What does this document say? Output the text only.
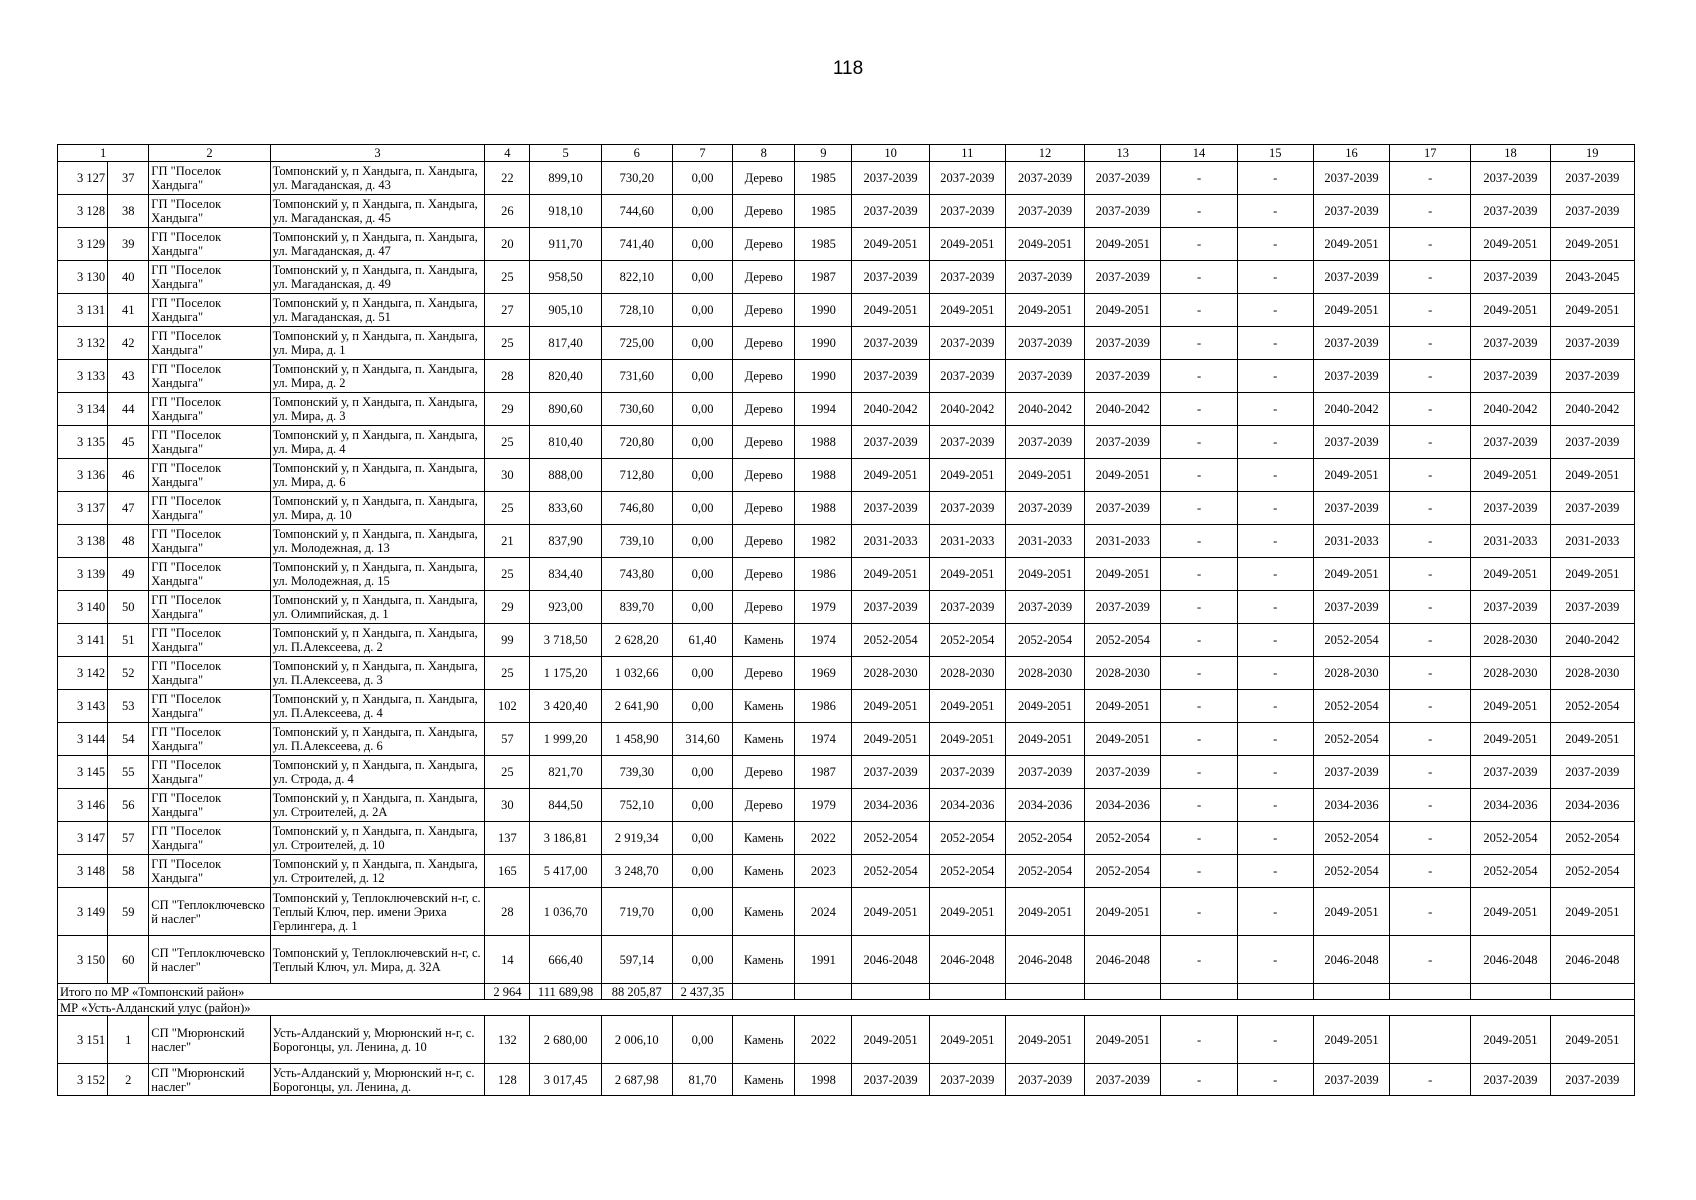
118
1		2	3	4	5	6	7	8	9	10	11	12	13	14	15	16	17	18	19
3 127	37	ГП "Поселок Хандыга"	Томпонский у, п Хандыга, п. Хандыга, ул. Магаданская, д. 43	22	899,10	730,20	0,00	Дерево	1985	2037-2039	2037-2039	2037-2039	2037-2039	-	-	2037-2039	-	2037-2039	2037-2039
3 128	38	ГП "Поселок Хандыга"	Томпонский у, п Хандыга, п. Хандыга, ул. Магаданская, д. 45	26	918,10	744,60	0,00	Дерево	1985	2037-2039	2037-2039	2037-2039	2037-2039	-	-	2037-2039	-	2037-2039	2037-2039
3 129	39	ГП "Поселок Хандыга"	Томпонский у, п Хандыга, п. Хандыга, ул. Магаданская, д. 47	20	911,70	741,40	0,00	Дерево	1985	2049-2051	2049-2051	2049-2051	2049-2051	-	-	2049-2051	-	2049-2051	2049-2051
3 130	40	ГП "Поселок Хандыга"	Томпонский у, п Хандыга, п. Хандыга, ул. Магаданская, д. 49	25	958,50	822,10	0,00	Дерево	1987	2037-2039	2037-2039	2037-2039	2037-2039	-	-	2037-2039	-	2037-2039	2043-2045
3 131	41	ГП "Поселок Хандыга"	Томпонский у, п Хандыга, п. Хандыга, ул. Магаданская, д. 51	27	905,10	728,10	0,00	Дерево	1990	2049-2051	2049-2051	2049-2051	2049-2051	-	-	2049-2051	-	2049-2051	2049-2051
3 132	42	ГП "Поселок Хандыга"	Томпонский у, п Хандыга, п. Хандыга, ул. Мира, д. 1	25	817,40	725,00	0,00	Дерево	1990	2037-2039	2037-2039	2037-2039	2037-2039	-	-	2037-2039	-	2037-2039	2037-2039
3 133	43	ГП "Поселок Хандыга"	Томпонский у, п Хандыга, п. Хандыга, ул. Мира, д. 2	28	820,40	731,60	0,00	Дерево	1990	2037-2039	2037-2039	2037-2039	2037-2039	-	-	2037-2039	-	2037-2039	2037-2039
3 134	44	ГП "Поселок Хандыга"	Томпонский у, п Хандыга, п. Хандыга, ул. Мира, д. 3	29	890,60	730,60	0,00	Дерево	1994	2040-2042	2040-2042	2040-2042	2040-2042	-	-	2040-2042	-	2040-2042	2040-2042
3 135	45	ГП "Поселок Хандыга"	Томпонский у, п Хандыга, п. Хандыга, ул. Мира, д. 4	25	810,40	720,80	0,00	Дерево	1988	2037-2039	2037-2039	2037-2039	2037-2039	-	-	2037-2039	-	2037-2039	2037-2039
3 136	46	ГП "Поселок Хандыга"	Томпонский у, п Хандыга, п. Хандыга, ул. Мира, д. 6	30	888,00	712,80	0,00	Дерево	1988	2049-2051	2049-2051	2049-2051	2049-2051	-	-	2049-2051	-	2049-2051	2049-2051
3 137	47	ГП "Поселок Хандыга"	Томпонский у, п Хандыга, п. Хандыга, ул. Мира, д. 10	25	833,60	746,80	0,00	Дерево	1988	2037-2039	2037-2039	2037-2039	2037-2039	-	-	2037-2039	-	2037-2039	2037-2039
3 138	48	ГП "Поселок Хандыга"	Томпонский у, п Хандыга, п. Хандыга, ул. Молодежная, д. 13	21	837,90	739,10	0,00	Дерево	1982	2031-2033	2031-2033	2031-2033	2031-2033	-	-	2031-2033	-	2031-2033	2031-2033
3 139	49	ГП "Поселок Хандыга"	Томпонский у, п Хандыга, п. Хандыга, ул. Молодежная, д. 15	25	834,40	743,80	0,00	Дерево	1986	2049-2051	2049-2051	2049-2051	2049-2051	-	-	2049-2051	-	2049-2051	2049-2051
3 140	50	ГП "Поселок Хандыга"	Томпонский у, п Хандыга, п. Хандыга, ул. Олимпийская, д. 1	29	923,00	839,70	0,00	Дерево	1979	2037-2039	2037-2039	2037-2039	2037-2039	-	-	2037-2039	-	2037-2039	2037-2039
3 141	51	ГП "Поселок Хандыга"	Томпонский у, п Хандыга, п. Хандыга, ул. П.Алексеева, д. 2	99	3 718,50	2 628,20	61,40	Камень	1974	2052-2054	2052-2054	2052-2054	2052-2054	-	-	2052-2054	-	2028-2030	2040-2042
3 142	52	ГП "Поселок Хандыга"	Томпонский у, п Хандыга, п. Хандыга, ул. П.Алексеева, д. 3	25	1 175,20	1 032,66	0,00	Дерево	1969	2028-2030	2028-2030	2028-2030	2028-2030	-	-	2028-2030	-	2028-2030	2028-2030
3 143	53	ГП "Поселок Хандыга"	Томпонский у, п Хандыга, п. Хандыга, ул. П.Алексеева, д. 4	102	3 420,40	2 641,90	0,00	Камень	1986	2049-2051	2049-2051	2049-2051	2049-2051	-	-	2052-2054	-	2049-2051	2052-2054
3 144	54	ГП "Поселок Хандыга"	Томпонский у, п Хандыга, п. Хандыга, ул. П.Алексеева, д. 6	57	1 999,20	1 458,90	314,60	Камень	1974	2049-2051	2049-2051	2049-2051	2049-2051	-	-	2052-2054	-	2049-2051	2049-2051
3 145	55	ГП "Поселок Хандыга"	Томпонский у, п Хандыга, п. Хандыга, ул. Строда, д. 4	25	821,70	739,30	0,00	Дерево	1987	2037-2039	2037-2039	2037-2039	2037-2039	-	-	2037-2039	-	2037-2039	2037-2039
3 146	56	ГП "Поселок Хандыга"	Томпонский у, п Хандыга, п. Хандыга, ул. Строителей, д. 2А	30	844,50	752,10	0,00	Дерево	1979	2034-2036	2034-2036	2034-2036	2034-2036	-	-	2034-2036	-	2034-2036	2034-2036
3 147	57	ГП "Поселок Хандыга"	Томпонский у, п Хандыга, п. Хандыга, ул. Строителей, д. 10	137	3 186,81	2 919,34	0,00	Камень	2022	2052-2054	2052-2054	2052-2054	2052-2054	-	-	2052-2054	-	2052-2054	2052-2054
3 148	58	ГП "Поселок Хандыга"	Томпонский у, п Хандыга, п. Хандыга, ул. Строителей, д. 12	165	5 417,00	3 248,70	0,00	Камень	2023	2052-2054	2052-2054	2052-2054	2052-2054	-	-	2052-2054	-	2052-2054	2052-2054
3 149	59	СП "Теплоключевско й наслег"	Томпонский у, Теплоключевский н-г, с. Теплый Ключ, пер. имени Эриха Герлингера, д. 1	28	1 036,70	719,70	0,00	Камень	2024	2049-2051	2049-2051	2049-2051	2049-2051	-	-	2049-2051	-	2049-2051	2049-2051
3 150	60	СП "Теплоключевско й наслег"	Томпонский у, Теплоключевский н-г, с. Теплый Ключ, ул. Мира, д. 32А	14	666,40	597,14	0,00	Камень	1991	2046-2048	2046-2048	2046-2048	2046-2048	-	-	2046-2048	-	2046-2048	2046-2048
Итого по МР «Томпонский район»				2 964	111 689,98	88 205,87	2 437,35												
МР «Усть-Алданский улус (район)»																			
3 151	1	СП "Мюрюнский наслег"	Усть-Алданский у, Мюрюнский н-г, с. Борогонцы, ул. Ленина, д. 10	132	2 680,00	2 006,10	0,00	Камень	2022	2049-2051	2049-2051	2049-2051	2049-2051	-	-	2049-2051		2049-2051	2049-2051
3 152	2	СП "Мюрюнский наслег"	Усть-Алданский у, Мюрюнский н-г, с. Борогонцы, ул. Ленина, д.	128	3 017,45	2 687,98	81,70	Камень	1998	2037-2039	2037-2039	2037-2039	2037-2039	-	-	2037-2039	-	2037-2039	2037-2039
